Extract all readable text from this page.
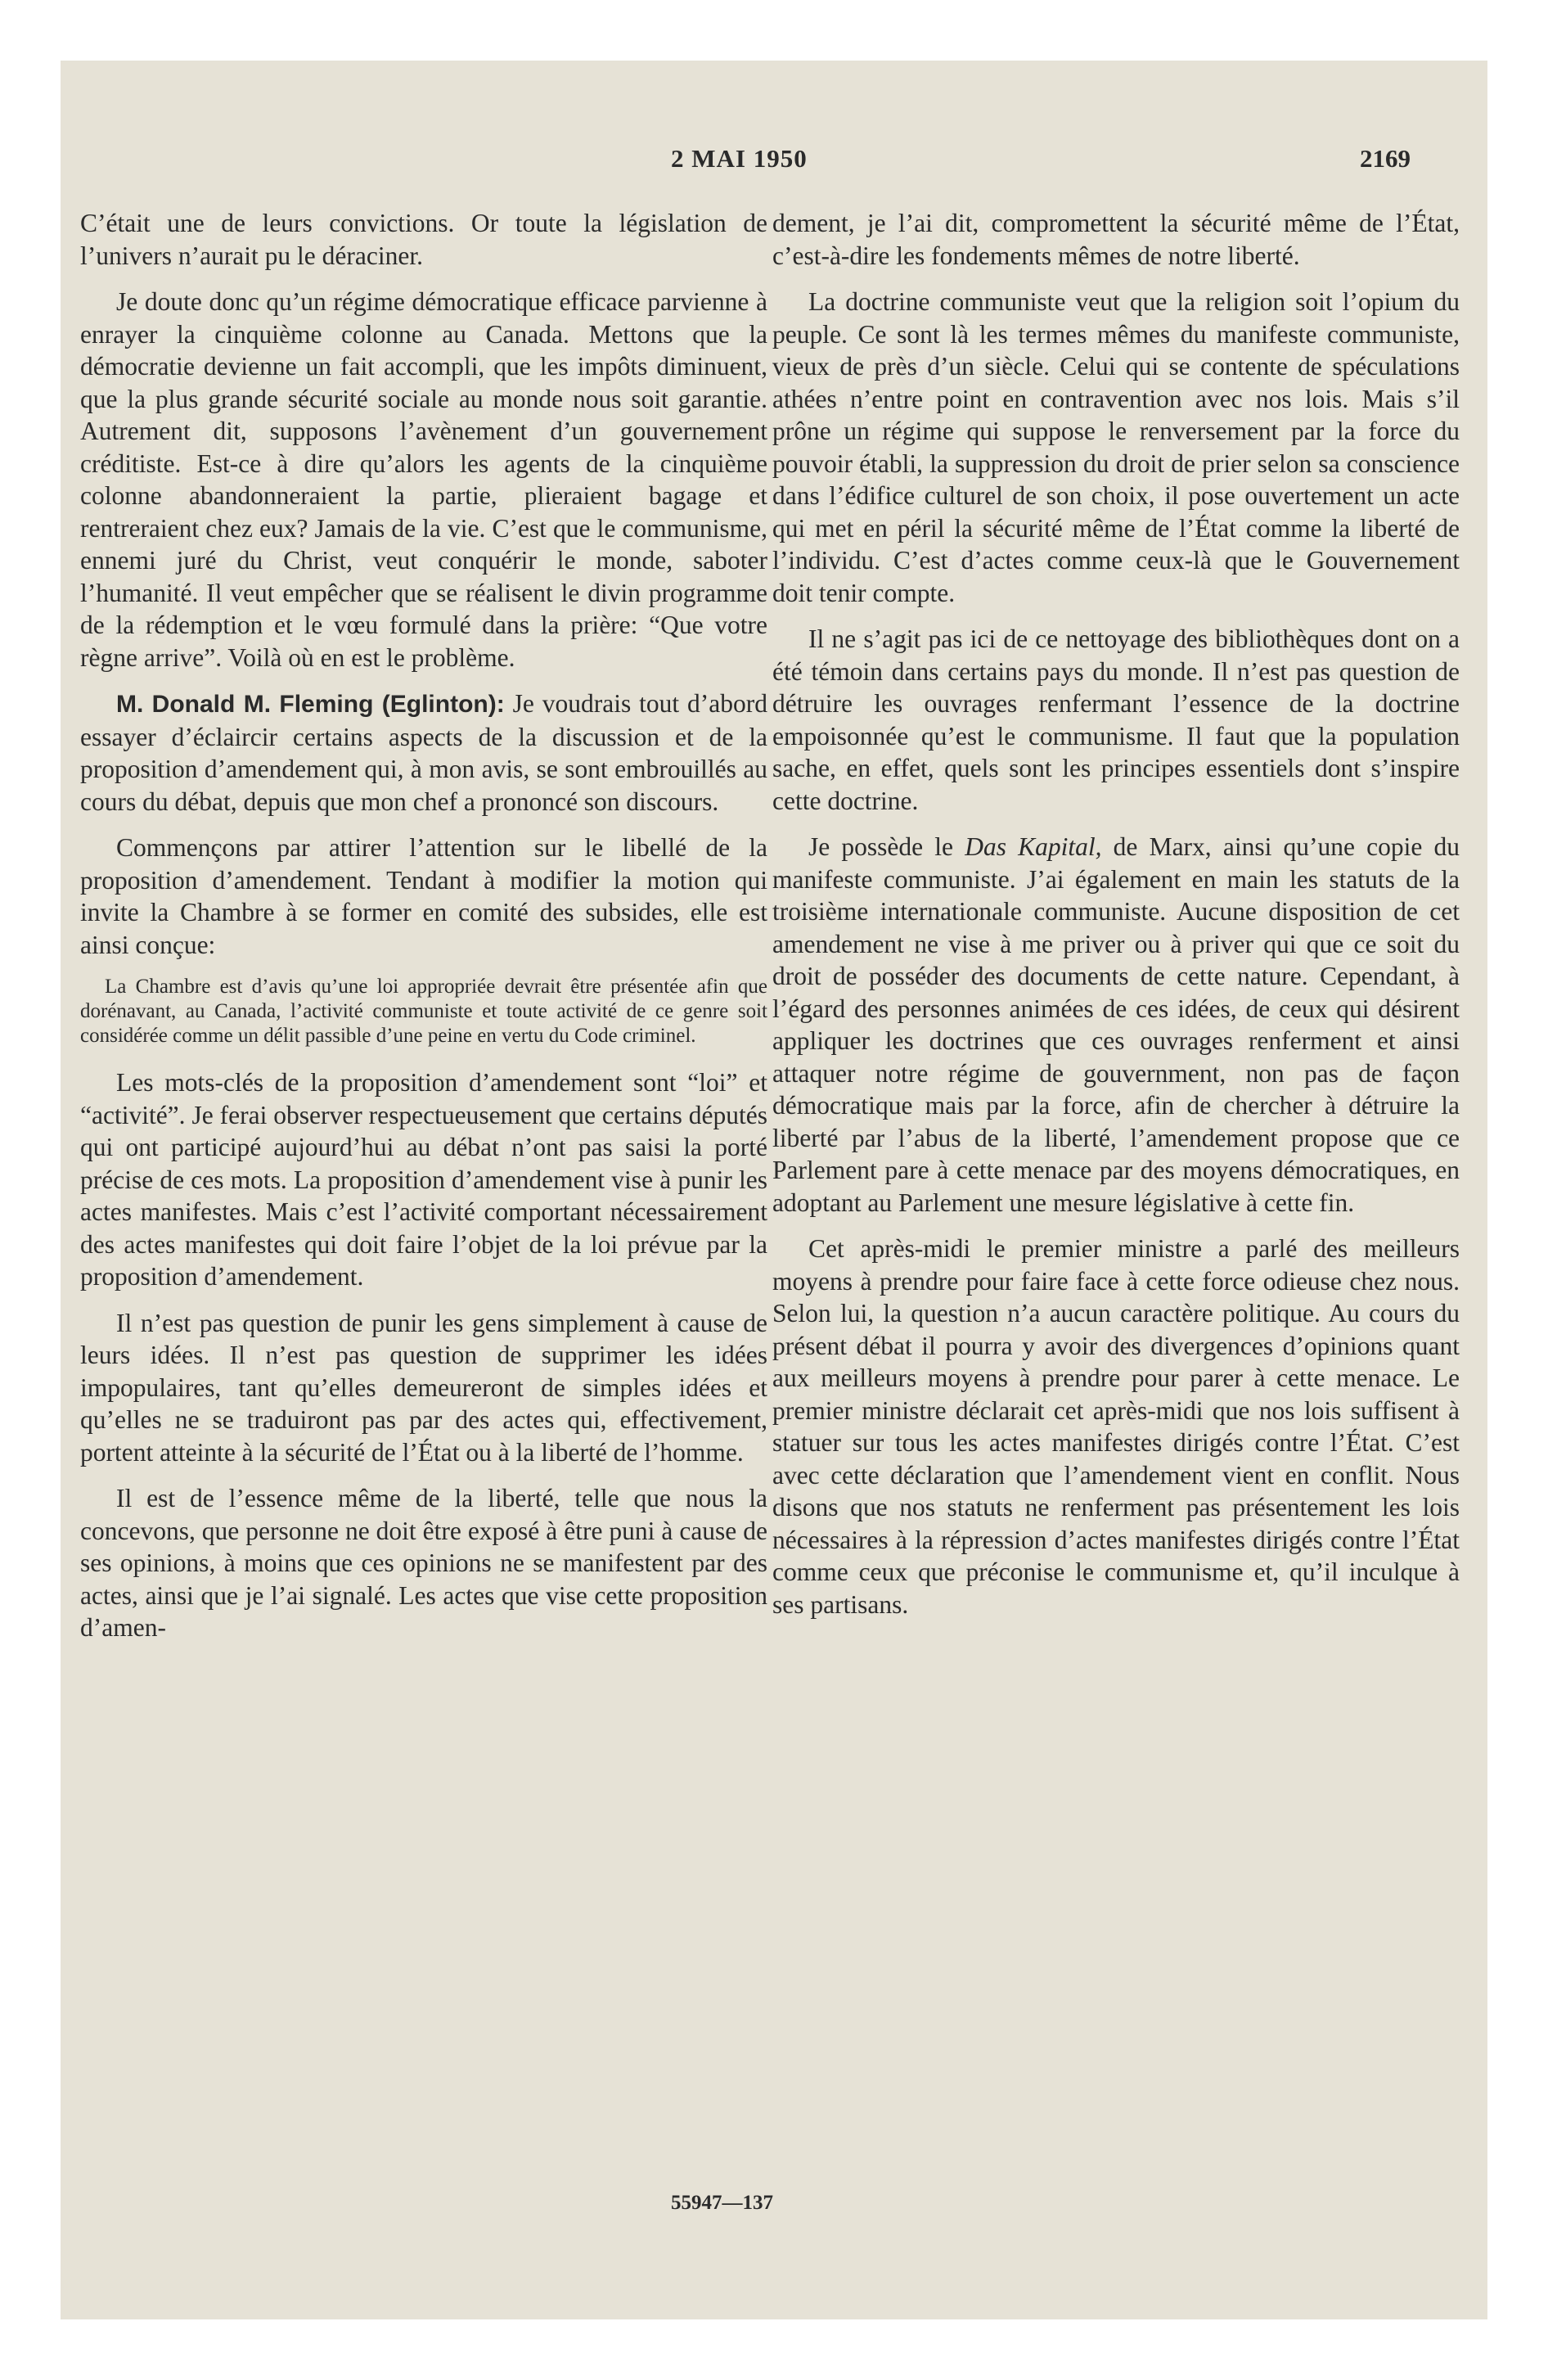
2 MAI 1950	2169

C’était une de leurs convictions. Or toute la législation de l’univers n’aurait pu le déraciner.

Je doute donc qu’un régime démocratique efficace parvienne à enrayer la cinquième colonne au Canada. Mettons que la démocratie devienne un fait accompli, que les impôts diminuent, que la plus grande sécurité sociale au monde nous soit garantie. Autrement dit, supposons l’avènement d’un gouvernement créditiste. Est-ce à dire qu’alors les agents de la cinquième colonne abandonneraient la partie, plieraient bagage et rentreraient chez eux? Jamais de la vie. C’est que le communisme, ennemi juré du Christ, veut conquérir le monde, saboter l’humanité. Il veut empêcher que se réalisent le divin programme de la rédemption et le vœu formulé dans la prière: “Que votre règne arrive”. Voilà où en est le problème.

M. Donald M. Fleming (Eglinton): Je voudrais tout d’abord essayer d’éclaircir certains aspects de la discussion et de la proposition d’amendement qui, à mon avis, se sont embrouillés au cours du débat, depuis que mon chef a prononcé son discours.

Commençons par attirer l’attention sur le libellé de la proposition d’amendement. Tendant à modifier la motion qui invite la Chambre à se former en comité des subsides, elle est ainsi conçue:

La Chambre est d’avis qu’une loi appropriée devrait être présentée afin que dorénavant, au Canada, l’activité communiste et toute activité de ce genre soit considérée comme un délit passible d’une peine en vertu du Code criminel.

Les mots-clés de la proposition d’amendement sont “loi” et “activité”. Je ferai observer respectueusement que certains députés qui ont participé aujourd’hui au débat n’ont pas saisi la porté précise de ces mots. La proposition d’amendement vise à punir les actes manifestes. Mais c’est l’activité comportant nécessairement des actes manifestes qui doit faire l’objet de la loi prévue par la proposition d’amendement.

Il n’est pas question de punir les gens simplement à cause de leurs idées. Il n’est pas question de supprimer les idées impopulaires, tant qu’elles demeureront de simples idées et qu’elles ne se traduiront pas par des actes qui, effectivement, portent atteinte à la sécurité de l’État ou à la liberté de l’homme.

Il est de l’essence même de la liberté, telle que nous la concevons, que personne ne doit être exposé à être puni à cause de ses opinions, à moins que ces opinions ne se manifestent par des actes, ainsi que je l’ai signalé. Les actes que vise cette proposition d’amen-

dement, je l’ai dit, compromettent la sécurité même de l’État, c’est-à-dire les fondements mêmes de notre liberté.

La doctrine communiste veut que la religion soit l’opium du peuple. Ce sont là les termes mêmes du manifeste communiste, vieux de près d’un siècle. Celui qui se contente de spéculations athées n’entre point en contravention avec nos lois. Mais s’il prône un régime qui suppose le renversement par la force du pouvoir établi, la suppression du droit de prier selon sa conscience dans l’édifice culturel de son choix, il pose ouvertement un acte qui met en péril la sécurité même de l’État comme la liberté de l’individu. C’est d’actes comme ceux-là que le Gouvernement doit tenir compte.

Il ne s’agit pas ici de ce nettoyage des bibliothèques dont on a été témoin dans certains pays du monde. Il n’est pas question de détruire les ouvrages renfermant l’essence de la doctrine empoisonnée qu’est le communisme. Il faut que la population sache, en effet, quels sont les principes essentiels dont s’inspire cette doctrine.

Je possède le Das Kapital, de Marx, ainsi qu’une copie du manifeste communiste. J’ai également en main les statuts de la troisième internationale communiste. Aucune disposition de cet amendement ne vise à me priver ou à priver qui que ce soit du droit de posséder des documents de cette nature. Cependant, à l’égard des personnes animées de ces idées, de ceux qui désirent appliquer les doctrines que ces ouvrages renferment et ainsi attaquer notre régime de gouvernment, non pas de façon démocratique mais par la force, afin de chercher à détruire la liberté par l’abus de la liberté, l’amendement propose que ce Parlement pare à cette menace par des moyens démocratiques, en adoptant au Parlement une mesure législative à cette fin.

Cet après-midi le premier ministre a parlé des meilleurs moyens à prendre pour faire face à cette force odieuse chez nous. Selon lui, la question n’a aucun caractère politique. Au cours du présent débat il pourra y avoir des divergences d’opinions quant aux meilleurs moyens à prendre pour parer à cette menace. Le premier ministre déclarait cet après-midi que nos lois suffisent à statuer sur tous les actes manifestes dirigés contre l’État. C’est avec cette déclaration que l’amendement vient en conflit. Nous disons que nos statuts ne renferment pas présentement les lois nécessaires à la répression d’actes manifestes dirigés contre l’État comme ceux que préconise le communisme et, qu’il inculque à ses partisans.

55947—137
